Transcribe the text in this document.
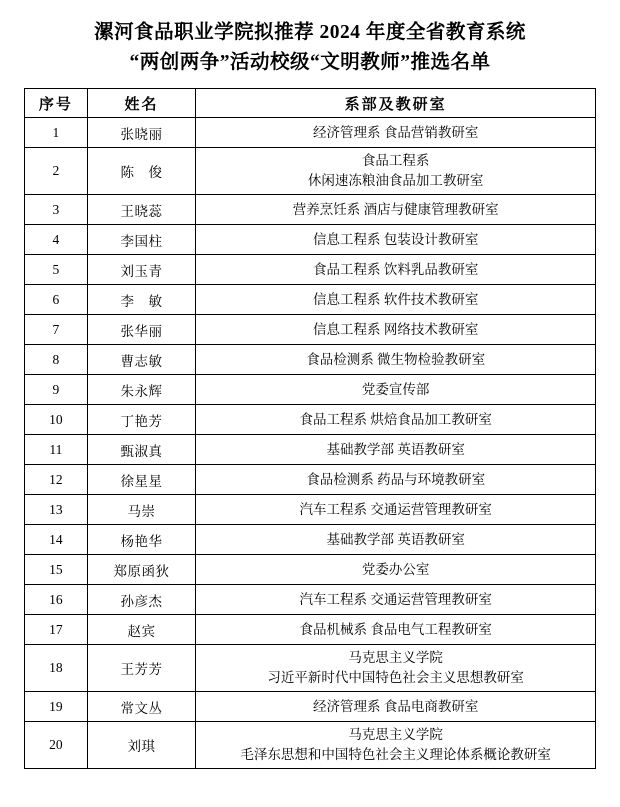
漯河食品职业学院拟推荐 2024 年度全省教育系统
“两创两争”活动校级“文明教师”推选名单
序号	姓名	系部及教研室
1	张晓丽	经济管理系 食品营销教研室

2	陈　俊	食品工程系
休闲速冻粮油食品加工教研室

3	王晓蕊	营养烹饪系 酒店与健康管理教研室

4	李国柱	信息工程系 包装设计教研室

5	刘玉青	食品工程系 饮料乳品教研室

6	李　敏	信息工程系 软件技术教研室

7	张华丽	信息工程系 网络技术教研室

8	曹志敏	食品检测系 微生物检验教研室

9	朱永辉	党委宣传部

10	丁艳芳	食品工程系 烘焙食品加工教研室

11	甄淑真	基础教学部 英语教研室

12	徐星星	食品检测系 药品与环境教研室

13	马崇	汽车工程系 交通运营管理教研室

14	杨艳华	基础教学部 英语教研室

15	郑原函狄	党委办公室

16	孙彦杰	汽车工程系 交通运营管理教研室

17	赵宾	食品机械系 食品电气工程教研室

18	王芳芳	马克思主义学院
习近平新时代中国特色社会主义思想教研室

19	常文丛	经济管理系 食品电商教研室

20	刘琪	马克思主义学院
毛泽东思想和中国特色社会主义理论体系概论教研室
